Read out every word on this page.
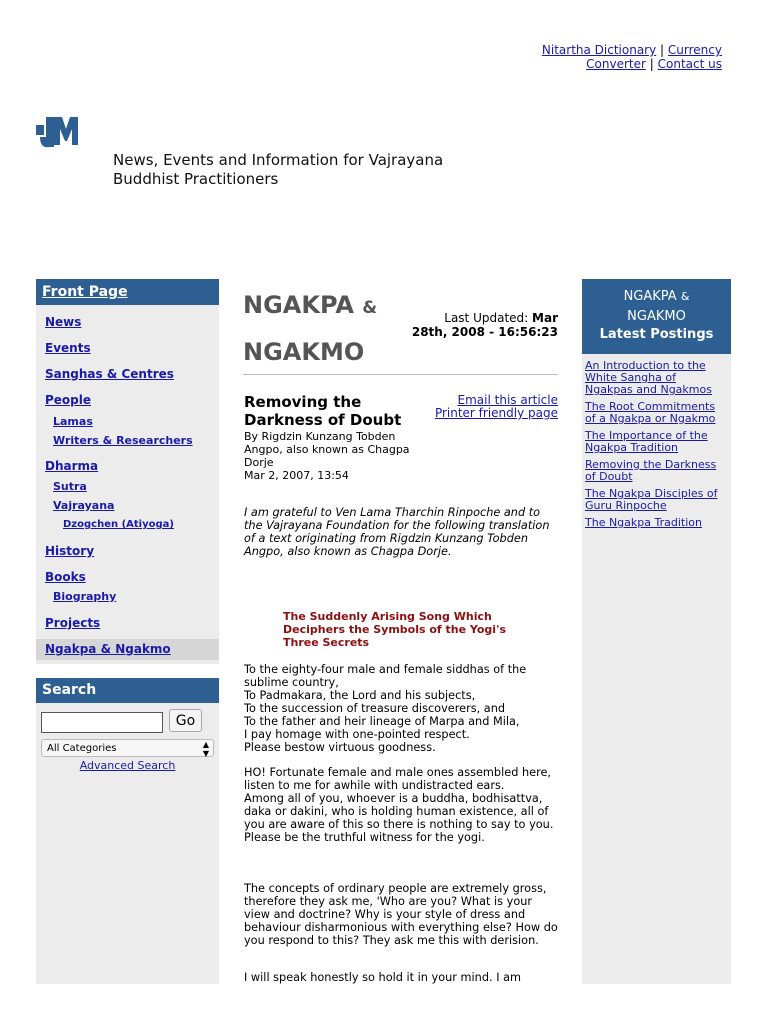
Nitartha Dictionary | Currency Converter | Contact us
News, Events and Information for Vajrayana Buddhist Practitioners
Front Page
News
Events
Sanghas & Centres
People
Lamas
Writers & Researchers
Dharma
Sutra
Vajrayana
Dzogchen (Atiyoga)
History
Books
Biography
Projects
Ngakpa & Ngakmo
Search
Go
All Categories	▲
▼
Advanced Search
NGAKPA &
NGAKMO
Last Updated: Mar 28th, 2008 - 16:56:23
Removing the Darkness of Doubt
Email this article
Printer friendly page
By Rigdzin Kunzang Tobden Angpo, also known as Chagpa Dorje
Mar 2, 2007, 13:54
I am grateful to Ven Lama Tharchin Rinpoche and to the Vajrayana Foundation for the following translation of a text originating from Rigdzin Kunzang Tobden Angpo, also known as Chagpa Dorje.
The Suddenly Arising Song Which Deciphers the Symbols of the Yogi's Three Secrets
To the eighty-four male and female siddhas of the sublime country,
To Padmakara, the Lord and his subjects,
To the succession of treasure discoverers, and
To the father and heir lineage of Marpa and Mila,
I pay homage with one-pointed respect.
Please bestow virtuous goodness.
HO! Fortunate female and male ones assembled here, listen to me for awhile with undistracted ears.
Among all of you, whoever is a buddha, bodhisattva, daka or dakini, who is holding human existence, all of you are aware of this so there is nothing to say to you.
Please be the truthful witness for the yogi.
The concepts of ordinary people are extremely gross, therefore they ask me, 'Who are you? What is your view and doctrine? Why is your style of dress and behaviour disharmonious with everything else? How do you respond to this? They ask me this with derision.
I will speak honestly so hold it in your mind. I am
NGAKPA &
NGAKMO
Latest Postings
An Introduction to the White Sangha of Ngakpas and Ngakmos
The Root Commitments of a Ngakpa or Ngakmo
The Importance of the Ngakpa Tradition
Removing the Darkness of Doubt
The Ngakpa Disciples of Guru Rinpoche
The Ngakpa Tradition
